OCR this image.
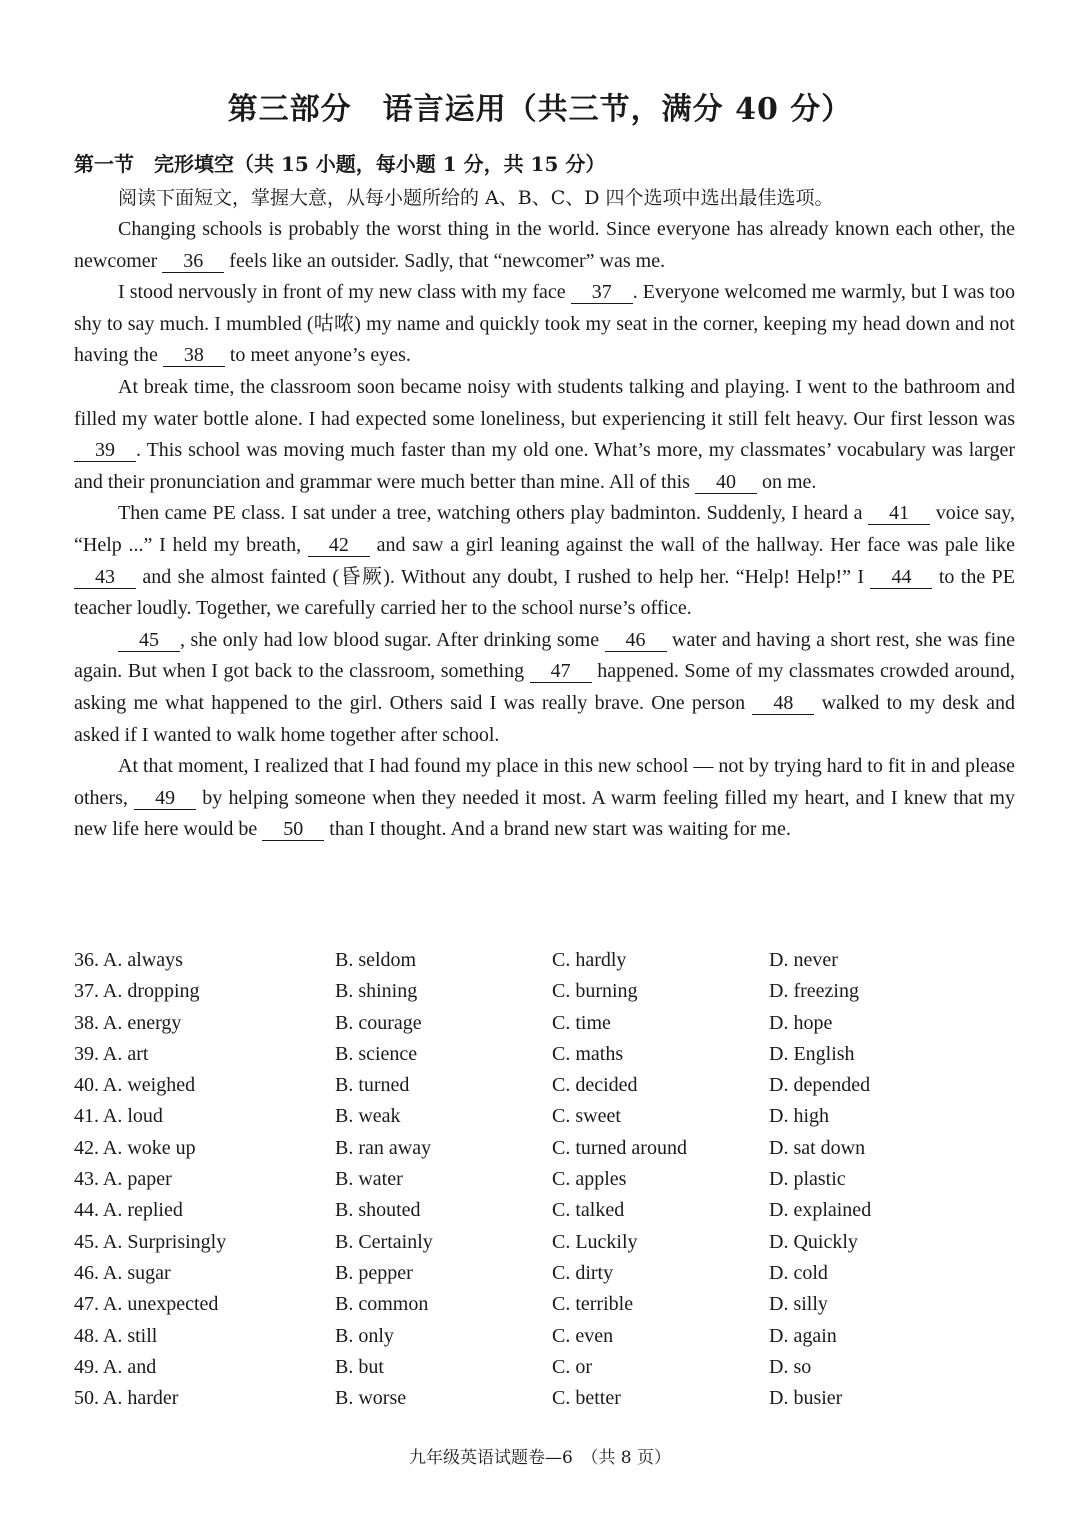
第三部分　语言运用（共三节，满分 40 分）
第一节　完形填空（共 15 小题，每小题 1 分，共 15 分）
阅读下面短文，掌握大意，从每小题所给的 A、B、C、D 四个选项中选出最佳选项。

Changing schools is probably the worst thing in the world. Since everyone has already known each other, the newcomer 36 feels like an outsider. Sadly, that “newcomer” was me.

I stood nervously in front of my new class with my face 37 . Everyone welcomed me warmly, but I was too shy to say much. I mumbled (咕哝) my name and quickly took my seat in the corner, keeping my head down and not having the 38 to meet anyone’s eyes.

At break time, the classroom soon became noisy with students talking and playing. I went to the bathroom and filled my water bottle alone. I had expected some loneliness, but experiencing it still felt heavy. Our first lesson was 39 . This school was moving much faster than my old one. What’s more, my classmates’ vocabulary was larger and their pronunciation and grammar were much better than mine. All of this 40 on me.

Then came PE class. I sat under a tree, watching others play badminton. Suddenly, I heard a 41 voice say, “Help ...” I held my breath, 42 and saw a girl leaning against the wall of the hallway. Her face was pale like 43 and she almost fainted (昏厥). Without any doubt, I rushed to help her. “Help! Help!” I 44 to the PE teacher loudly. Together, we carefully carried her to the school nurse’s office.

45 , she only had low blood sugar. After drinking some 46 water and having a short rest, she was fine again. But when I got back to the classroom, something 47 happened. Some of my classmates crowded around, asking me what happened to the girl. Others said I was really brave. One person 48 walked to my desk and asked if I wanted to walk home together after school.

At that moment, I realized that I had found my place in this new school — not by trying hard to fit in and please others, 49 by helping someone when they needed it most. A warm feeling filled my heart, and I knew that my new life here would be 50 than I thought. And a brand new start was waiting for me.

36. A. always	B. seldom	C. hardly	D. never
37. A. dropping	B. shining	C. burning	D. freezing
38. A. energy	B. courage	C. time	D. hope
39. A. art	B. science	C. maths	D. English
40. A. weighed	B. turned	C. decided	D. depended
41. A. loud	B. weak	C. sweet	D. high
42. A. woke up	B. ran away	C. turned around	D. sat down
43. A. paper	B. water	C. apples	D. plastic
44. A. replied	B. shouted	C. talked	D. explained
45. A. Surprisingly	B. Certainly	C. Luckily	D. Quickly
46. A. sugar	B. pepper	C. dirty	D. cold
47. A. unexpected	B. common	C. terrible	D. silly
48. A. still	B. only	C. even	D. again
49. A. and	B. but	C. or	D. so
50. A. harder	B. worse	C. better	D. busier
九年级英语试题卷—6　（共 8 页）
